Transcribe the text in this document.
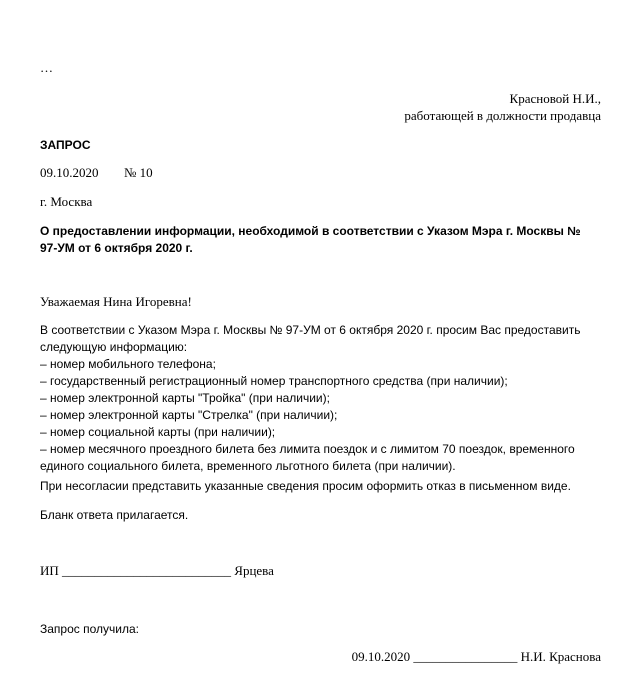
…
Красновой Н.И.,
работающей в должности продавца
ЗАПРОС
09.10.2020 № 10
г. Москва
О предоставлении информации, необходимой в соответствии с Указом Мэра г. Москвы № 97-УМ от 6 октября 2020 г.
Уважаемая Нина Игоревна!
В соответствии с Указом Мэра г. Москвы № 97-УМ от 6 октября 2020 г. просим Вас предоставить
следующую информацию:
– номер мобильного телефона;
– государственный регистрационный номер транспортного средства (при наличии);
– номер электронной карты "Тройка" (при наличии);
– номер электронной карты "Стрелка" (при наличии);
– номер социальной карты (при наличии);
– номер месячного проездного билета без лимита поездок и с лимитом 70 поездок, временного
единого социального билета, временного льготного билета (при наличии).
При несогласии представить указанные сведения просим оформить отказ в письменном виде.
Бланк ответа прилагается.
ИП __________________________ Ярцева
Запрос получила:
09.10.2020 ________________ Н.И. Краснова
